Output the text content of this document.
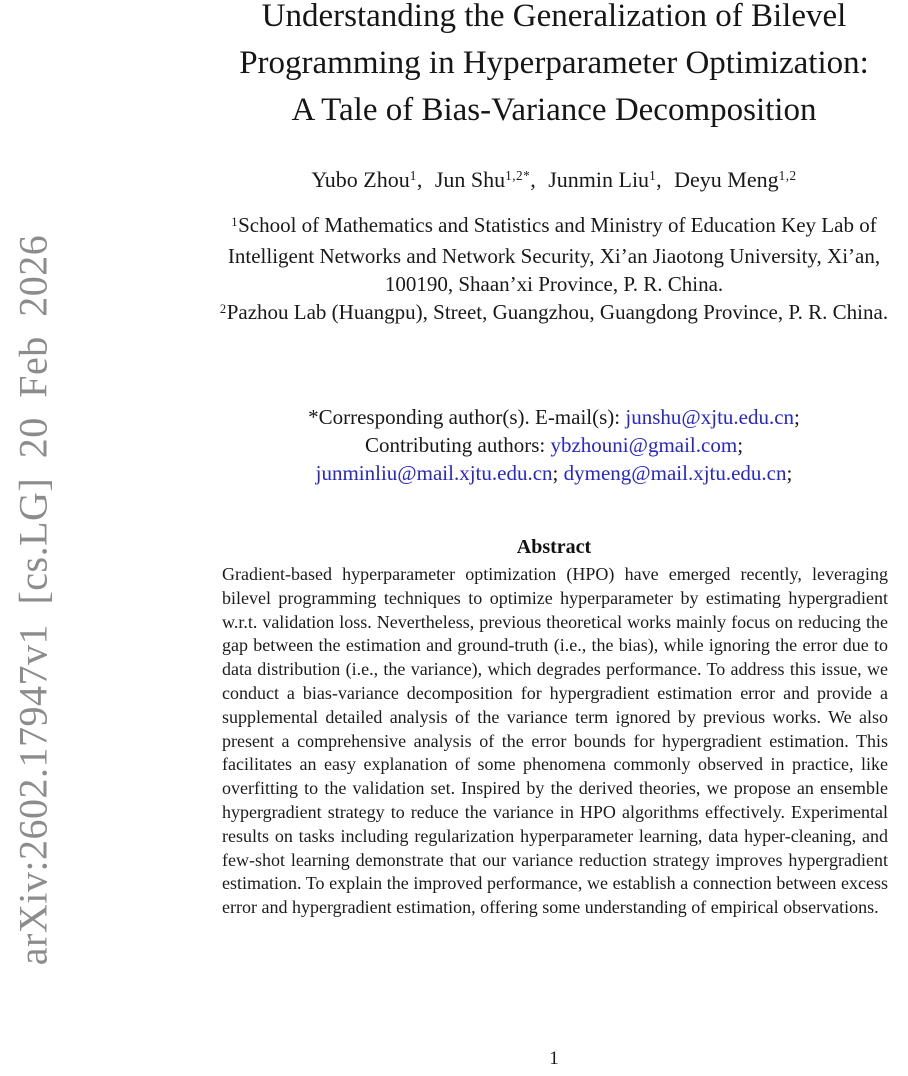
arXiv:2602.17947v1 [cs.LG] 20 Feb 2026
Understanding the Generalization of Bilevel
Programming in Hyperparameter Optimization:
A Tale of Bias-Variance Decomposition
Yubo Zhou$^1$, Jun Shu$^{1,2*}$, Junmin Liu$^1$, Deyu Meng$^{1,2}$
$^1$School of Mathematics and Statistics and Ministry of Education Key Lab of Intelligent Networks and Network Security, Xi’an Jiaotong University, Xi’an, 100190, Shaan’xi Province, P. R. China.
$^2$Pazhou Lab (Huangpu), Street, Guangzhou, Guangdong Province, P. R. China.
*Corresponding author(s). E-mail(s): junshu@xjtu.edu.cn;
Contributing authors: ybzhouni@gmail.com;
junminliu@mail.xjtu.edu.cn; dymeng@mail.xjtu.edu.cn;
Abstract
Gradient-based hyperparameter optimization (HPO) have emerged recently, leveraging bilevel programming techniques to optimize hyperparameter by estimating hypergradient w.r.t. validation loss. Nevertheless, previous theoretical works mainly focus on reducing the gap between the estimation and ground-truth (i.e., the bias), while ignoring the error due to data distribution (i.e., the variance), which degrades performance. To address this issue, we conduct a bias-variance decomposition for hypergradient estimation error and provide a supplemental detailed analysis of the variance term ignored by previous works. We also present a comprehensive analysis of the error bounds for hypergradient estimation. This facilitates an easy explanation of some phenomena commonly observed in practice, like overfitting to the validation set. Inspired by the derived theories, we propose an ensemble hypergradient strategy to reduce the variance in HPO algorithms effectively. Experimental results on tasks including regularization hyperparameter learning, data hyper-cleaning, and few-shot learning demonstrate that our variance reduction strategy improves hypergradient estimation. To explain the improved performance, we establish a connection between excess error and hypergradient estimation, offering some understanding of empirical observations.
1
